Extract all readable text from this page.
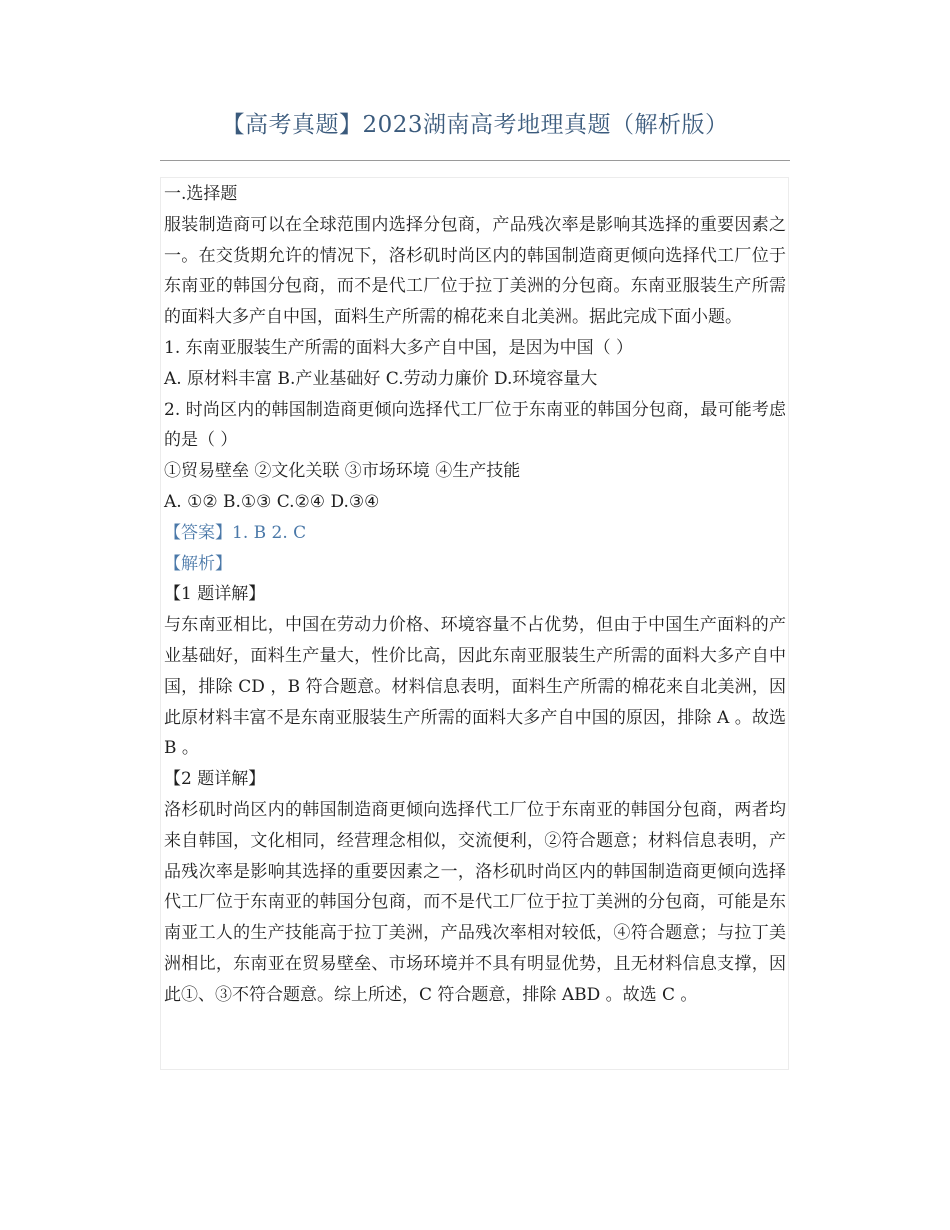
【高考真题】2023湖南高考地理真题（解析版）

一.选择题

服装制造商可以在全球范围内选择分包商，产品残次率是影响其选择的重要因素之一。在交货期允许的情况下，洛杉矶时尚区内的韩国制造商更倾向选择代工厂位于东南亚的韩国分包商，而不是代工厂位于拉丁美洲的分包商。东南亚服装生产所需的面料大多产自中国，面料生产所需的棉花来自北美洲。据此完成下面小题。

1. 东南亚服装生产所需的面料大多产自中国，是因为中国（ ）

A. 原材料丰富 B.产业基础好 C.劳动力廉价 D.环境容量大

2. 时尚区内的韩国制造商更倾向选择代工厂位于东南亚的韩国分包商，最可能考虑的是（ ）

①贸易壁垒 ②文化关联 ③市场环境 ④生产技能

A. ①② B.①③ C.②④ D.③④

【答案】1. B 2. C

【解析】

【1 题详解】

与东南亚相比，中国在劳动力价格、环境容量不占优势，但由于中国生产面料的产业基础好，面料生产量大，性价比高，因此东南亚服装生产所需的面料大多产自中国，排除 CD ，B 符合题意。材料信息表明，面料生产所需的棉花来自北美洲，因此原材料丰富不是东南亚服装生产所需的面料大多产自中国的原因，排除 A 。故选 B 。

【2 题详解】

洛杉矶时尚区内的韩国制造商更倾向选择代工厂位于东南亚的韩国分包商，两者均来自韩国，文化相同，经营理念相似，交流便利，②符合题意；材料信息表明，产品残次率是影响其选择的重要因素之一，洛杉矶时尚区内的韩国制造商更倾向选择代工厂位于东南亚的韩国分包商，而不是代工厂位于拉丁美洲的分包商，可能是东南亚工人的生产技能高于拉丁美洲，产品残次率相对较低，④符合题意；与拉丁美洲相比，东南亚在贸易壁垒、市场环境并不具有明显优势，且无材料信息支撑，因此①、③不符合题意。综上所述，C 符合题意，排除 ABD 。故选 C 。
